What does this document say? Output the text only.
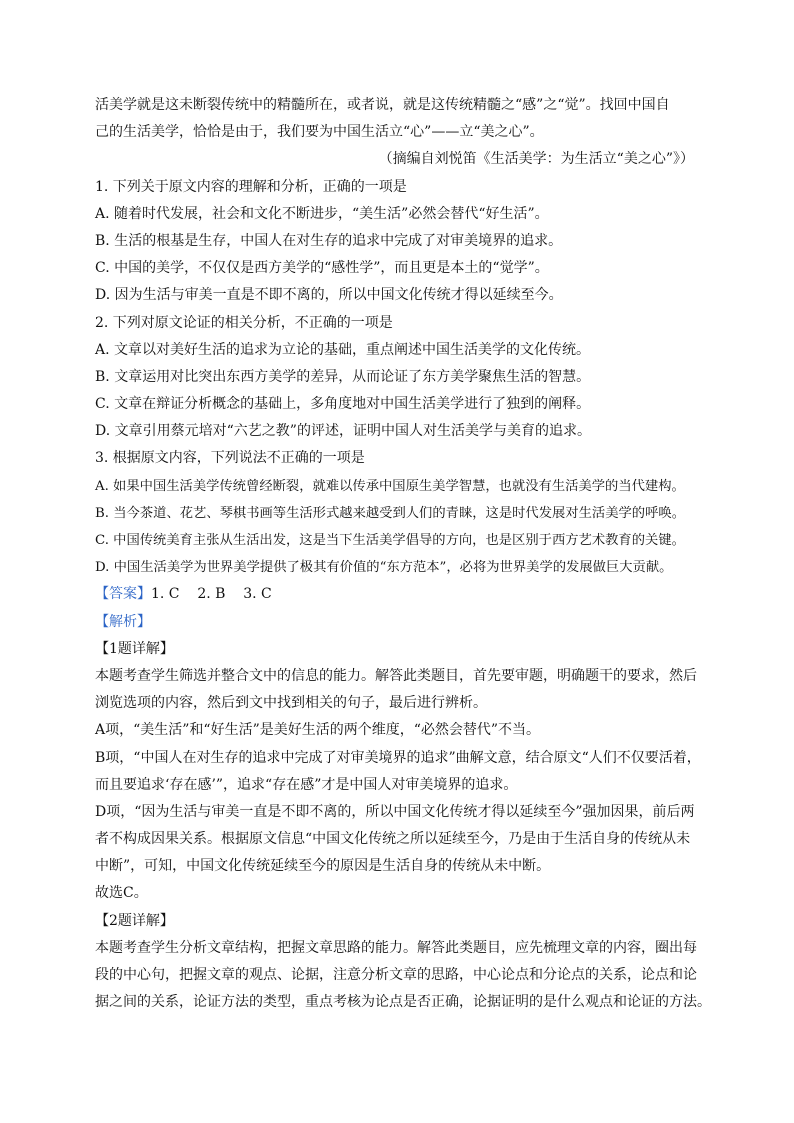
活美学就是这未断裂传统中的精髓所在，或者说，就是这传统精髓之“感”之“觉”。找回中国自
己的生活美学，恰恰是由于，我们要为中国生活立“心”——立“美之心”。
（摘编自刘悦笛《生活美学：为生活立“美之心”》）
1. 下列关于原文内容的理解和分析，正确的一项是
A. 随着时代发展，社会和文化不断进步，“美生活”必然会替代“好生活”。
B. 生活的根基是生存，中国人在对生存的追求中完成了对审美境界的追求。
C. 中国的美学，不仅仅是西方美学的“感性学”，而且更是本土的“觉学”。
D. 因为生活与审美一直是不即不离的，所以中国文化传统才得以延续至今。
2. 下列对原文论证的相关分析，不正确的一项是
A. 文章以对美好生活的追求为立论的基础，重点阐述中国生活美学的文化传统。
B. 文章运用对比突出东西方美学的差异，从而论证了东方美学聚焦生活的智慧。
C. 文章在辩证分析概念的基础上，多角度地对中国生活美学进行了独到的阐释。
D. 文章引用蔡元培对“六艺之教”的评述，证明中国人对生活美学与美育的追求。
3. 根据原文内容，下列说法不正确的一项是
A. 如果中国生活美学传统曾经断裂，就难以传承中国原生美学智慧，也就没有生活美学的当代建构。
B. 当今茶道、花艺、琴棋书画等生活形式越来越受到人们的青睐，这是时代发展对生活美学的呼唤。
C. 中国传统美育主张从生活出发，这是当下生活美学倡导的方向，也是区别于西方艺术教育的关键。
D. 中国生活美学为世界美学提供了极其有价值的“东方范本”，必将为世界美学的发展做巨大贡献。
【答案】1. C    2. B    3. C
【解析】
【1题详解】
本题考查学生筛选并整合文中的信息的能力。解答此类题目，首先要审题，明确题干的要求，然后
浏览选项的内容，然后到文中找到相关的句子，最后进行辨析。
A项，“美生活”和“好生活”是美好生活的两个维度，“必然会替代”不当。
B项，“中国人在对生存的追求中完成了对审美境界的追求”曲解文意，结合原文“人们不仅要活着，
而且要追求‘存在感’”，追求“存在感”才是中国人对审美境界的追求。
D项，“因为生活与审美一直是不即不离的，所以中国文化传统才得以延续至今”强加因果，前后两
者不构成因果关系。根据原文信息“中国文化传统之所以延续至今，乃是由于生活自身的传统从未
中断”，可知，中国文化传统延续至今的原因是生活自身的传统从未中断。
故选C。
【2题详解】
本题考查学生分析文章结构，把握文章思路的能力。解答此类题目，应先梳理文章的内容，圈出每
段的中心句，把握文章的观点、论据，注意分析文章的思路，中心论点和分论点的关系，论点和论
据之间的关系，论证方法的类型，重点考核为论点是否正确，论据证明的是什么观点和论证的方法。
